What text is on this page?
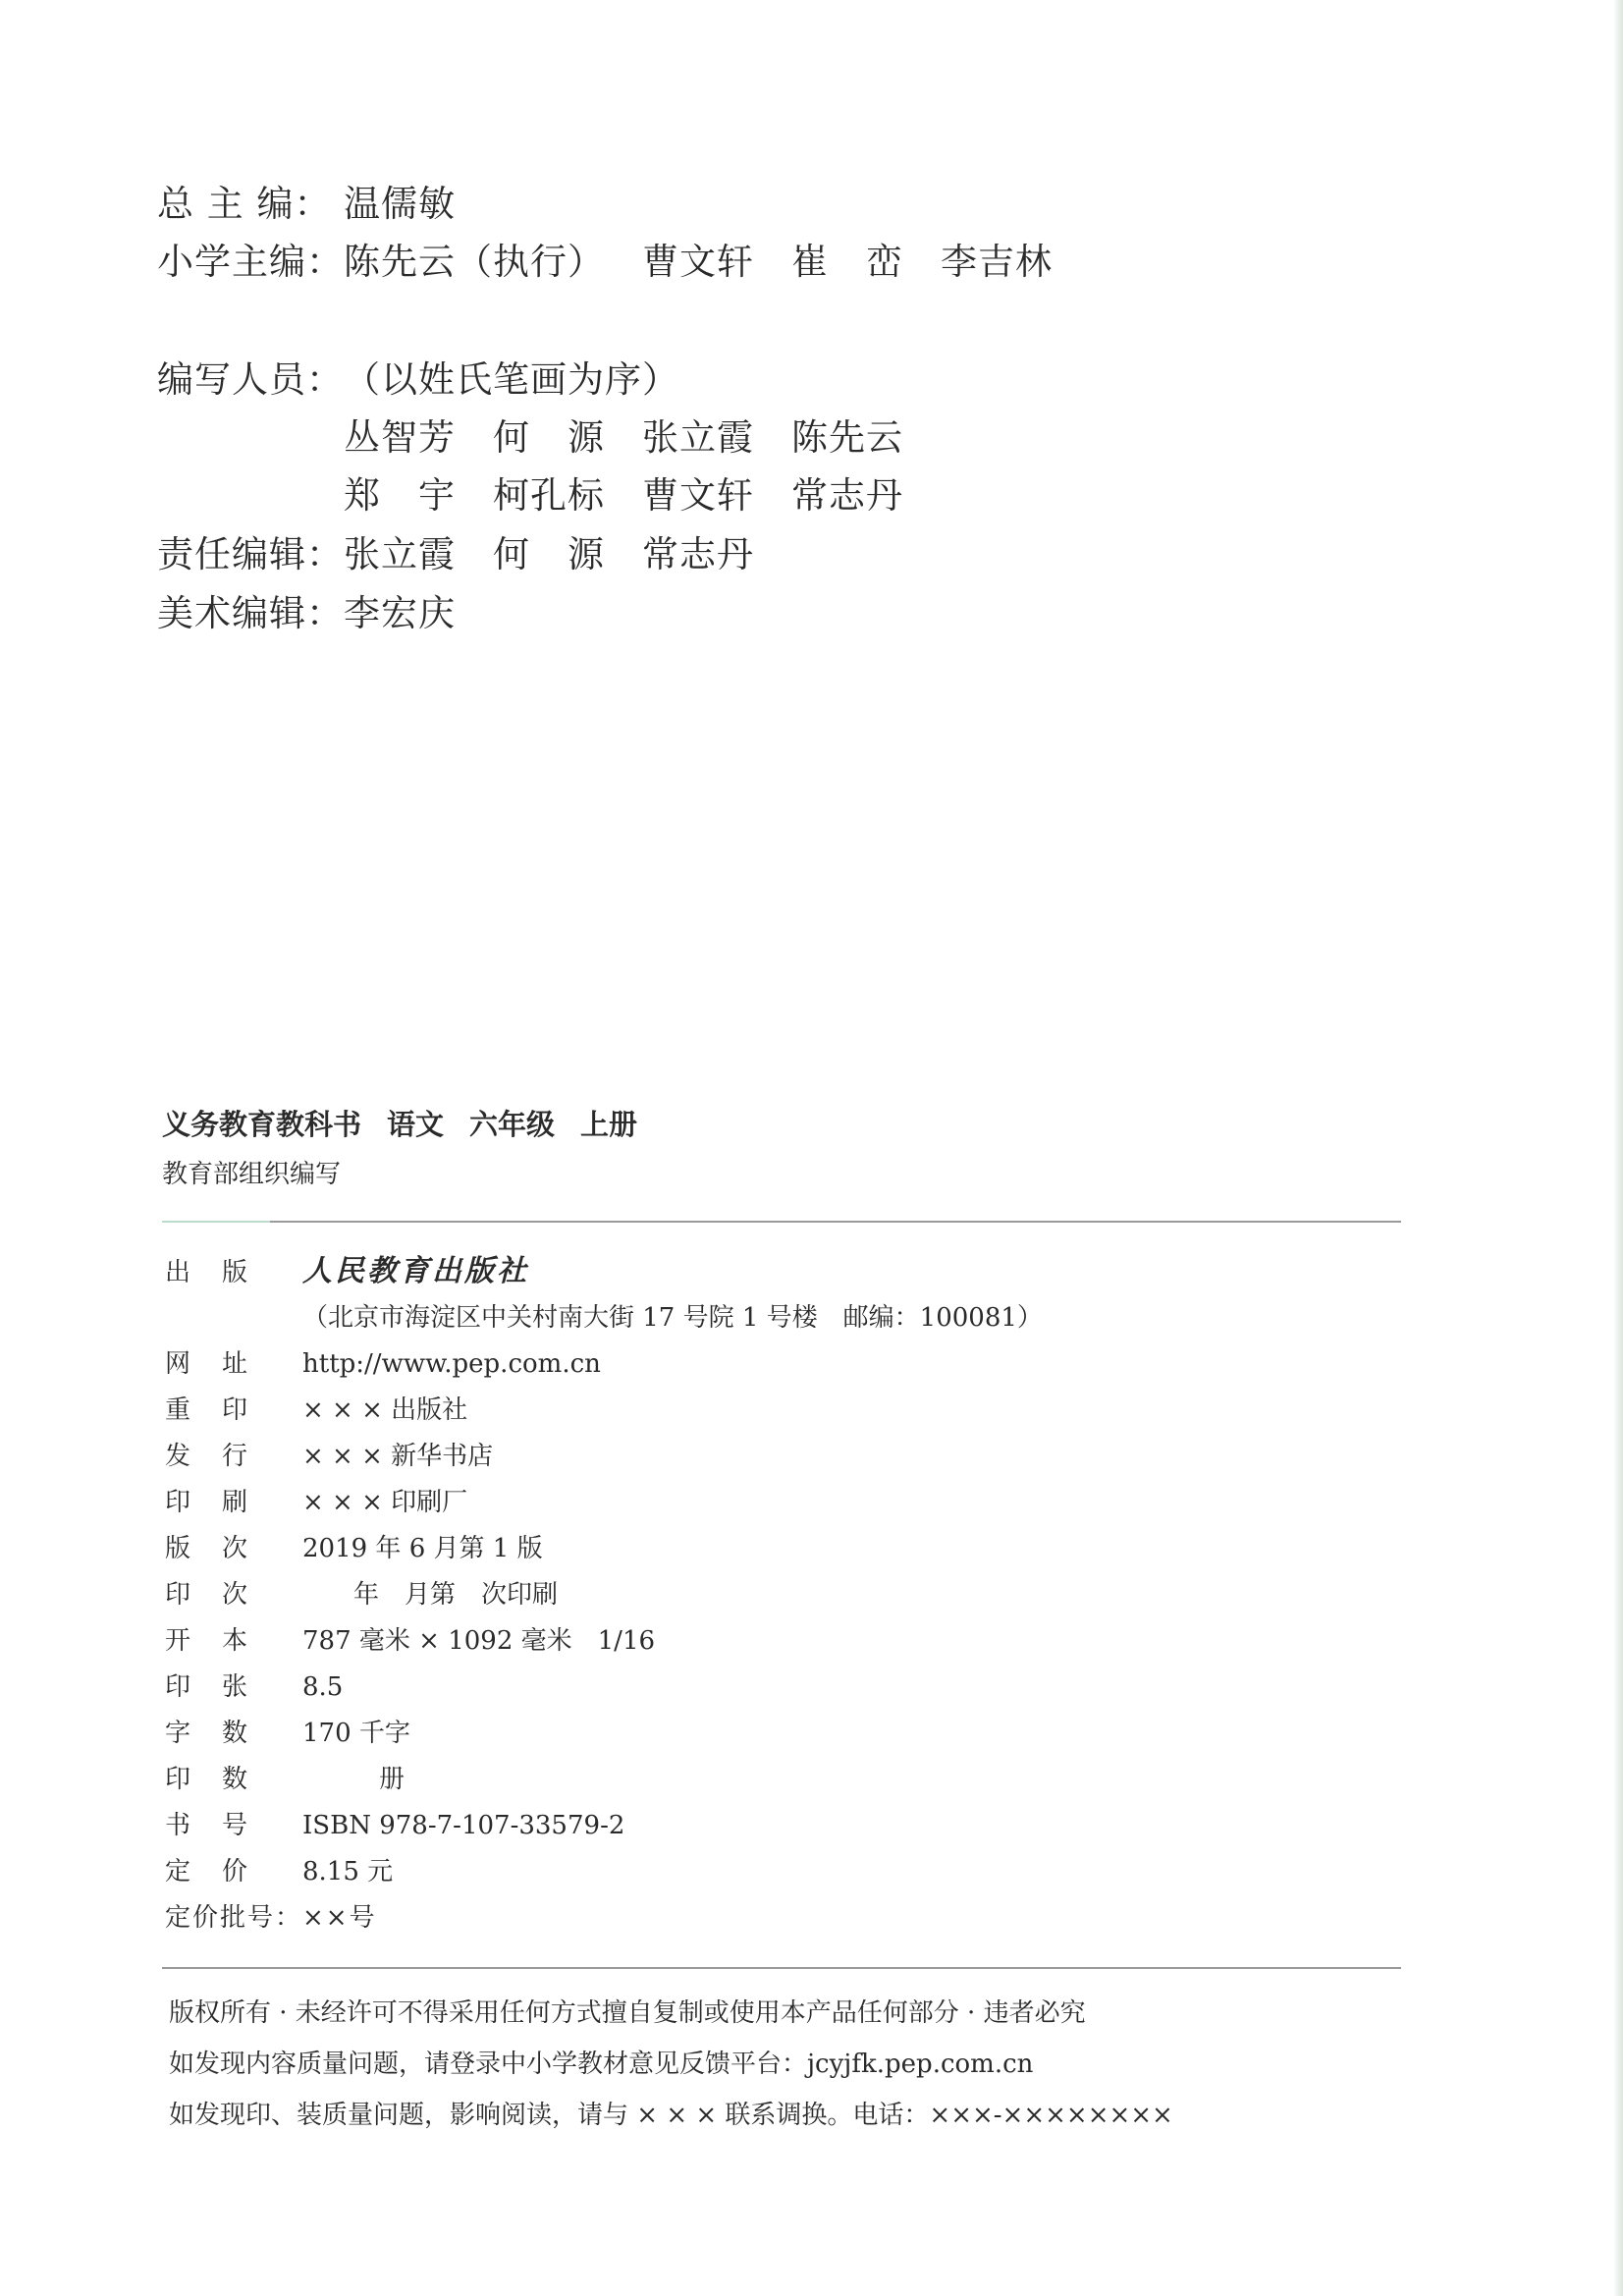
总 主 编： 温儒敏
小学主编：陈先云（执行） 曹文轩 崔　峦 李吉林
编写人员：（以姓氏笔画为序）
丛智芳 何　源 张立霞 陈先云
郑　宇 柯孔标 曹文轩 常志丹
责任编辑：张立霞 何　源 常志丹
美术编辑：李宏庆
义务教育教科书 语文 六年级 上册
教育部组织编写
出版 人民教育出版社
（北京市海淀区中关村南大街 17 号院 1 号楼　邮编：100081）
网址 http://www.pep.com.cn
重印 × × × 出版社
发行 × × × 新华书店
印刷 × × × 印刷厂
版次 2019 年 6 月第 1 版
印次　　年　月第　次印刷
开本 787 毫米 × 1092 毫米　1/16
印张 8.5
字数 170 千字
印数　　　册
书号 ISBN 978-7-107-33579-2
定价 8.15 元
定价批号：××号
版权所有 · 未经许可不得采用任何方式擅自复制或使用本产品任何部分 · 违者必究
如发现内容质量问题，请登录中小学教材意见反馈平台：jcyjfk.pep.com.cn
如发现印、装质量问题，影响阅读，请与 × × × 联系调换。电话：×××-××××××××
